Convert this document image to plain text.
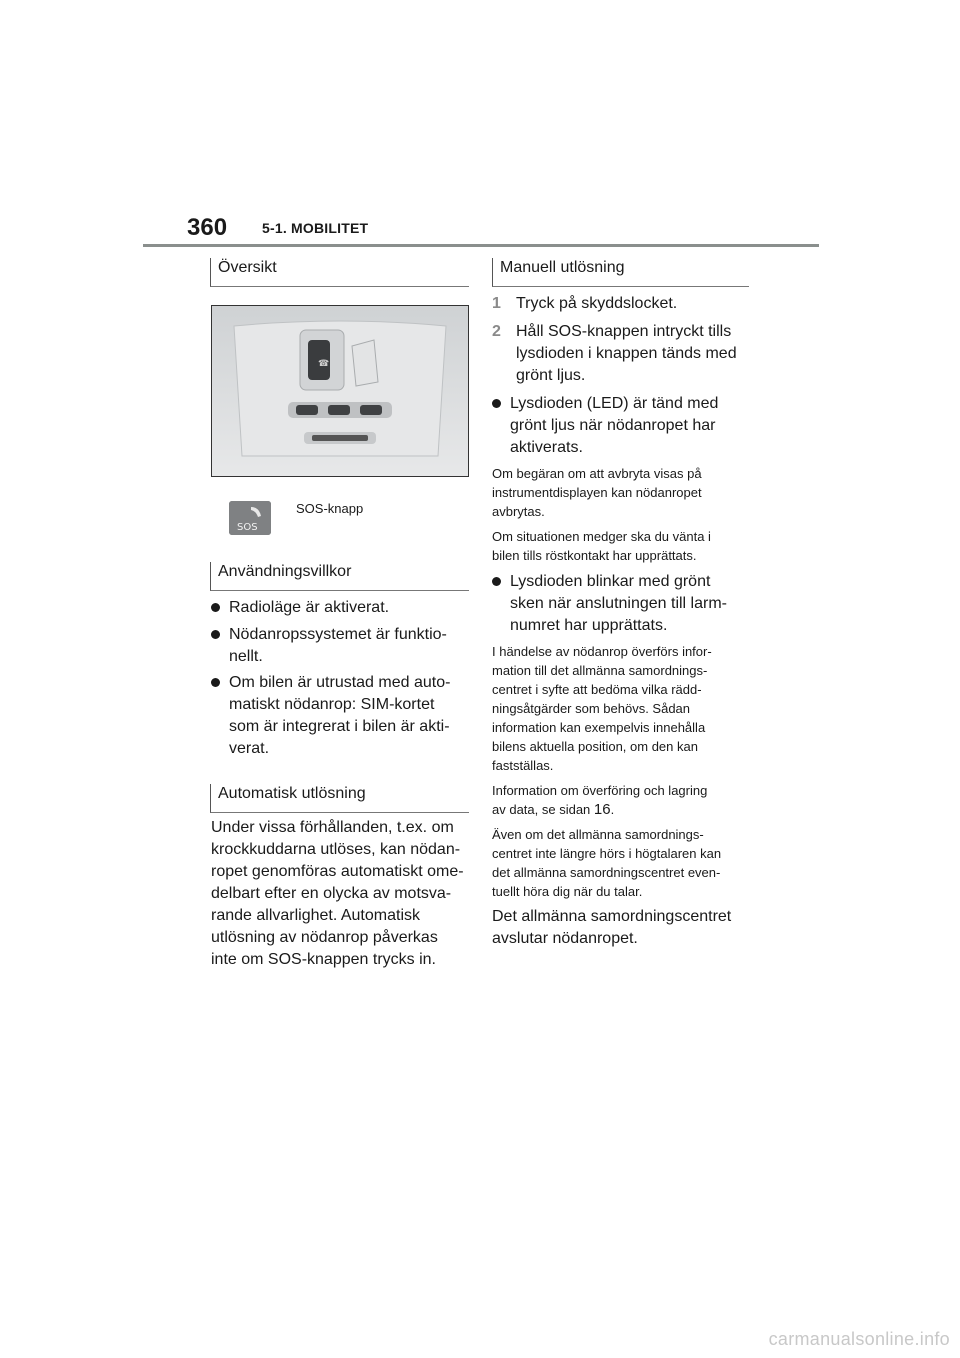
360 5-1. MOBILITET
Översikt
☎
SOS
SOS-knapp
Användningsvillkor
Radioläge är aktiverat.
Nödanropssystemet är funktio-
nellt.
Om bilen är utrustad med auto-
matiskt nödanrop: SIM-kortet
som är integrerat i bilen är akti-
verat.
Automatisk utlösning
Under vissa förhållanden, t.ex. om
krockkuddarna utlöses, kan nödan-
ropet genomföras automatiskt ome-
delbart efter en olycka av motsva-
rande allvarlighet. Automatisk
utlösning av nödanrop påverkas
inte om SOS-knappen trycks in.
Manuell utlösning
1 Tryck på skyddslocket.
2 Håll SOS-knappen intryckt tills
lysdioden i knappen tänds med
grönt ljus.
Lysdioden (LED) är tänd med
grönt ljus när nödanropet har
aktiverats.
Om begäran om att avbryta visas på
instrumentdisplayen kan nödanropet
avbrytas.
Om situationen medger ska du vänta i
bilen tills röstkontakt har upprättats.
Lysdioden blinkar med grönt
sken när anslutningen till larm-
numret har upprättats.
I händelse av nödanrop överförs infor-
mation till det allmänna samordnings-
centret i syfte att bedöma vilka rädd-
ningsåtgärder som behövs. Sådan
information kan exempelvis innehålla
bilens aktuella position, om den kan
fastställas.
Information om överföring och lagring
av data, se sidan 16.
Även om det allmänna samordnings-
centret inte längre hörs i högtalaren kan
det allmänna samordningscentret even-
tuellt höra dig när du talar.
Det allmänna samordningscentret
avslutar nödanropet.
carmanualsonline.info
